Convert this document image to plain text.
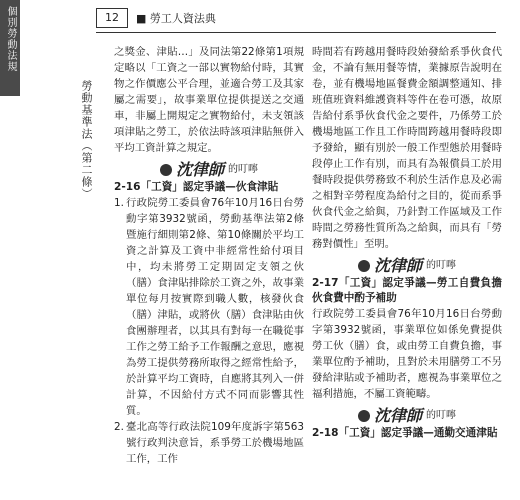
個別勞動法規	12	■ 勞工人資法典
勞動基準法（第二條）

之獎金、津貼…」及同法第22條第1項規定略以「工資之一部以實物給付時，其實物之作價應公平合理，並適合勞工及其家屬之需要」，故事業單位提供提送之交通車，非屬上開規定之實物給付，未支領該項津貼之勞工，於依法時該項津貼無併入平均工資計算之規定。

沈律師 的叮嚀
2-16「工資」認定爭議—伙食津貼
1. 行政院勞工委員會76年10月16日台勞動字第3932號函，勞動基準法第2條暨施行細則第2條、第10條關於平均工資之計算及工資中非經常性給付項目中，均未將勞工定期固定支領之伙（膳）食津貼排除於工資之外，故事業單位每月按實際到職人數，核發伙食（膳）津貼，或將伙（膳）食津貼由伙食團辦理者，以其具有對每一在職從事工作之勞工給予工作報酬之意思，應視為勞工提供勞務所取得之經常性給予，於計算平均工資時，自應將其列入一併計算，不因給付方式不同而影響其性質。
2. 臺北高等行政法院109年度訴字第563號行政判決意旨，系爭勞工於機場地區工作，工作

時間若有跨越用餐時段始發給系爭伙食代金，不論有無用餐等情，業據原告說明在卷，並有機場地區餐費金額調整通知、排班值班資料維護資料等件在卷可憑，故原告給付系爭伙食代金之要件，乃係勞工於機場地區工作且工作時間跨越用餐時段即予發給，顯有別於一般工作型態於用餐時段停止工作有別，而具有為報償員工於用餐時段提供勞務致不利於生活作息及必需之相對辛勞程度為給付之目的，從而系爭伙食代金之給與，乃針對工作區域及工作時間之勞務性質所為之給與，而具有「勞務對價性」至明。

沈律師 的叮嚀
2-17「工資」認定爭議—勞工自費負擔伙食費中酌予補助

行政院勞工委員會76年10月16日台勞動字第3932號函，事業單位如係免費提供勞工伙（膳）食，或由勞工自費負擔，事業單位酌予補助，且對於未用膳勞工不另發給津貼或予補助者，應視為事業單位之福利措施，不屬工資範疇。

沈律師 的叮嚀
2-18「工資」認定爭議—通勤交通津貼
